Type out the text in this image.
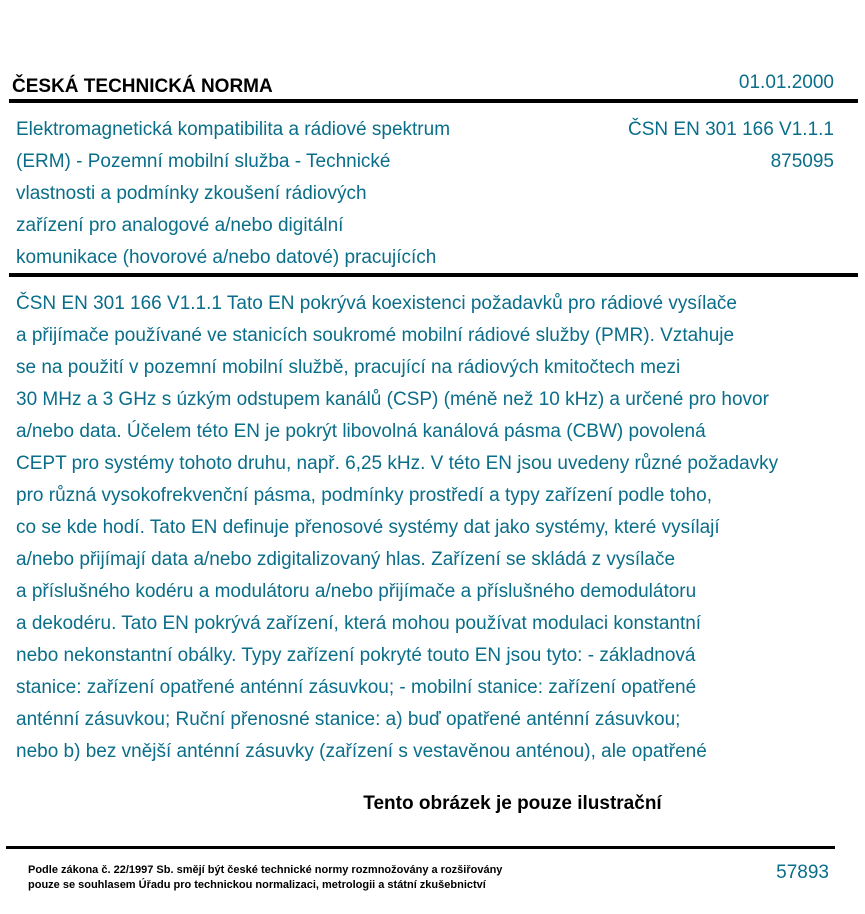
ČESKÁ TECHNICKÁ NORMA	01.01.2000
Elektromagnetická kompatibilita a rádiové spektrum
(ERM) - Pozemní mobilní služba - Technické
vlastnosti a podmínky zkoušení rádiových
zařízení pro analogové a/nebo digitální
komunikace (hovorové a/nebo datové) pracujících
ČSN EN 301 166 V1.1.1
875095
ČSN EN 301 166 V1.1.1 Tato EN pokrývá koexistenci požadavků pro rádiové vysílače
a přijímače používané ve stanicích soukromé mobilní rádiové služby (PMR). Vztahuje
se na použití v pozemní mobilní službě, pracující na rádiových kmitočtech mezi
30 MHz a 3 GHz s úzkým odstupem kanálů (CSP) (méně než 10 kHz) a určené pro hovor
a/nebo data. Účelem této EN je pokrýt libovolná kanálová pásma (CBW) povolená
CEPT pro systémy tohoto druhu, např. 6,25 kHz. V této EN jsou uvedeny různé požadavky
pro různá vysokofrekvenční pásma, podmínky prostředí a typy zařízení podle toho,
co se kde hodí. Tato EN definuje přenosové systémy dat jako systémy, které vysílají
a/nebo přijímají data a/nebo zdigitalizovaný hlas. Zařízení se skládá z vysílače
a příslušného kodéru a modulátoru a/nebo přijímače a příslušného demodulátoru
a dekodéru. Tato EN pokrývá zařízení, která mohou používat modulaci konstantní
nebo nekonstantní obálky. Typy zařízení pokryté touto EN jsou tyto: - základnová
stanice: zařízení opatřené anténní zásuvkou; - mobilní stanice: zařízení opatřené
anténní zásuvkou; Ruční přenosné stanice: a) buď opatřené anténní zásuvkou;
nebo b) bez vnější anténní zásuvky (zařízení s vestavěnou anténou), ale opatřené
Tento obrázek je pouze ilustrační
Podle zákona č. 22/1997 Sb. smějí být české technické normy rozmnožovány a rozšiřovány
pouze se souhlasem Úřadu pro technickou normalizaci, metrologii a státní zkušebnictví
57893
